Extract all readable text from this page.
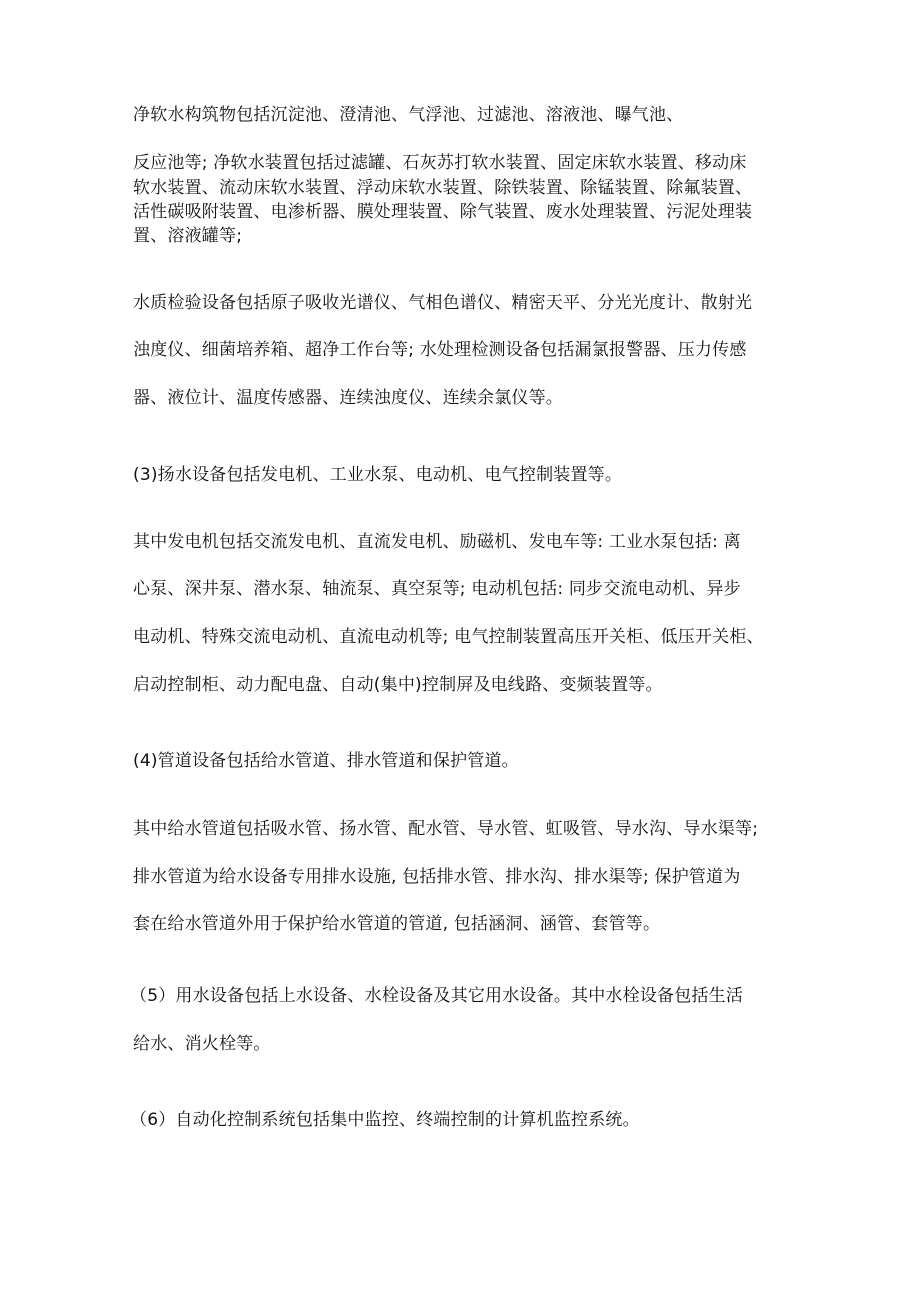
净软水构筑物包括沉淀池、澄清池、气浮池、过滤池、溶液池、曝气池、
反应池等; 净软水装置包括过滤罐、石灰苏打软水装置、固定床软水装置、移动床
软水装置、流动床软水装置、浮动床软水装置、除铁装置、除锰装置、除氟装置、
活性碳吸附装置、电渗析器、膜处理装置、除气装置、废水处理装置、污泥处理装
置、溶液罐等;
水质检验设备包括原子吸收光谱仪、气相色谱仪、精密天平、分光光度计、散射光
浊度仪、细菌培养箱、超净工作台等; 水处理检测设备包括漏氯报警器、压力传感
器、液位计、温度传感器、连续浊度仪、连续余氯仪等。
(3)扬水设备包括发电机、工业水泵、电动机、电气控制装置等。
其中发电机包括交流发电机、直流发电机、励磁机、发电车等: 工业水泵包括: 离
心泵、深井泵、潜水泵、轴流泵、真空泵等; 电动机包括: 同步交流电动机、异步
电动机、特殊交流电动机、直流电动机等; 电气控制装置高压开关柜、低压开关柜、
启动控制柜、动力配电盘、自动(集中)控制屏及电线路、变频装置等。
(4)管道设备包括给水管道、排水管道和保护管道。
其中给水管道包括吸水管、扬水管、配水管、导水管、虹吸管、导水沟、导水渠等;
排水管道为给水设备专用排水设施, 包括排水管、排水沟、排水渠等; 保护管道为
套在给水管道外用于保护给水管道的管道, 包括涵洞、涵管、套管等。
（5）用水设备包括上水设备、水栓设备及其它用水设备。其中水栓设备包括生活
给水、消火栓等。
（6）自动化控制系统包括集中监控、终端控制的计算机监控系统。
